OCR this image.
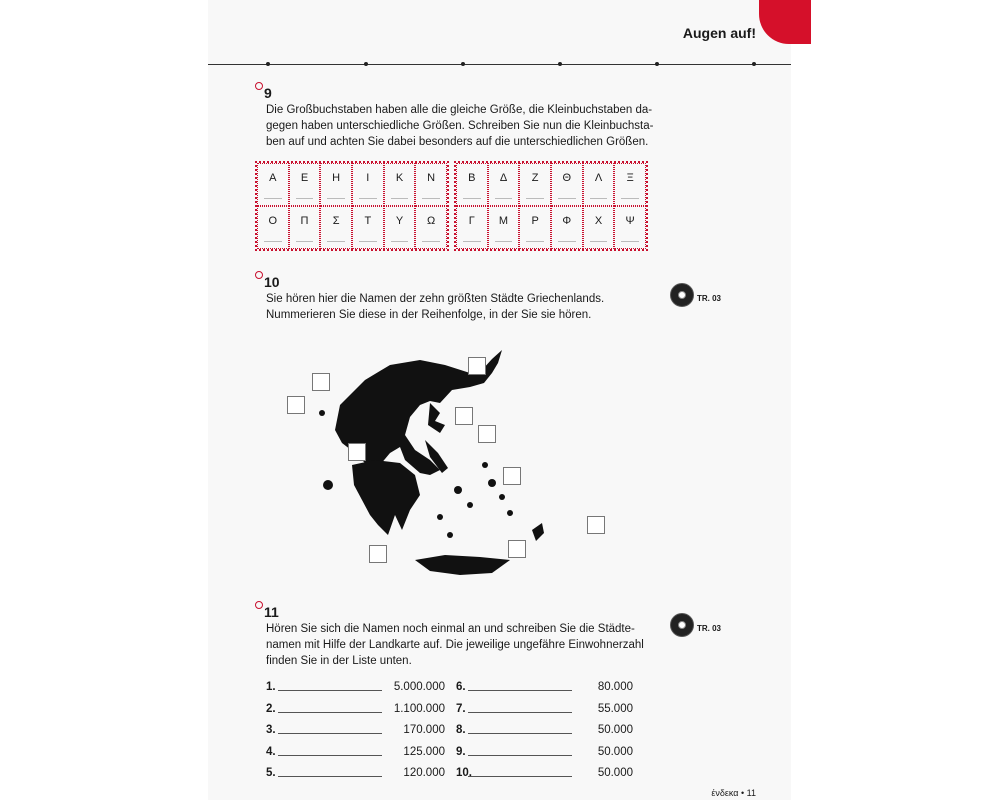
Augen auf!
9
Die Großbuchstaben haben alle die gleiche Größe, die Kleinbuchstaben da-
gegen haben unterschiedliche Größen. Schreiben Sie nun die Kleinbuchsta-
ben auf und achten Sie dabei besonders auf die unterschiedlichen Größen.
Α	Ε	Η	Ι	Κ	Ν
Ο	Π	Σ	Τ	Υ	Ω
Β	Δ	Ζ	Θ	Λ	Ξ
Γ	Μ	Ρ	Φ	Χ	Ψ
10
Sie hören hier die Namen der zehn größten Städte Griechenlands.
Nummerieren Sie diese in der Reihenfolge, in der Sie sie hören.
TR. 03
11
Hören Sie sich die Namen noch einmal an und schreiben Sie die Städte-
namen mit Hilfe der Landkarte auf. Die jeweilige ungefähre Einwohnerzahl
finden Sie in der Liste unten.
TR. 03
1.	5.000.000
2.	1.100.000
3.	170.000
4.	125.000
5.	120.000
6.	80.000
7.	55.000
8.	50.000
9.	50.000
10.	50.000
ένδεκα • 11
